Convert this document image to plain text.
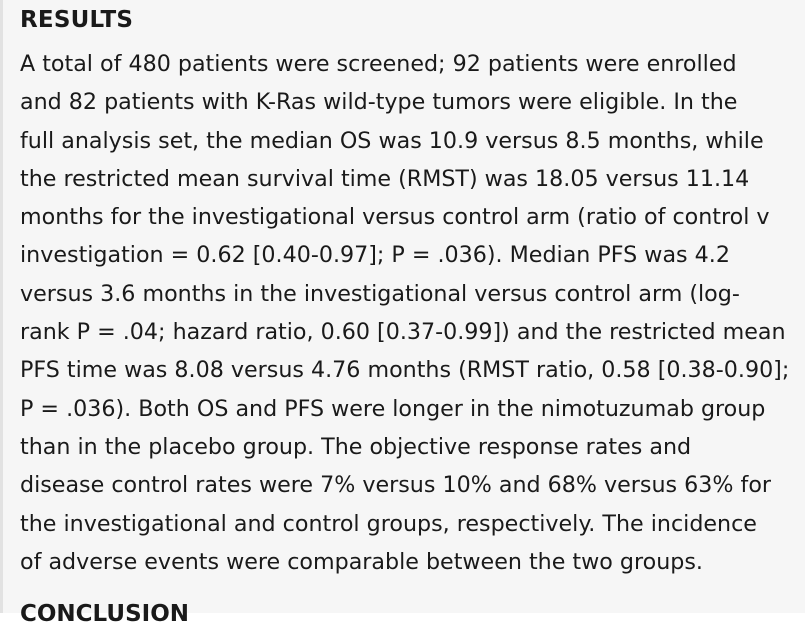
RESULTS

A total of 480 patients were screened; 92 patients were enrolled
and 82 patients with K-Ras wild-type tumors were eligible. In the
full analysis set, the median OS was 10.9 versus 8.5 months, while
the restricted mean survival time (RMST) was 18.05 versus 11.14
months for the investigational versus control arm (ratio of control v
investigation = 0.62 [0.40-0.97]; P = .036). Median PFS was 4.2
versus 3.6 months in the investigational versus control arm (log-
rank P = .04; hazard ratio, 0.60 [0.37-0.99]) and the restricted mean
PFS time was 8.08 versus 4.76 months (RMST ratio, 0.58 [0.38-0.90];
P = .036). Both OS and PFS were longer in the nimotuzumab group
than in the placebo group. The objective response rates and
disease control rates were 7% versus 10% and 68% versus 63% for
the investigational and control groups, respectively. The incidence
of adverse events were comparable between the two groups.

CONCLUSION
